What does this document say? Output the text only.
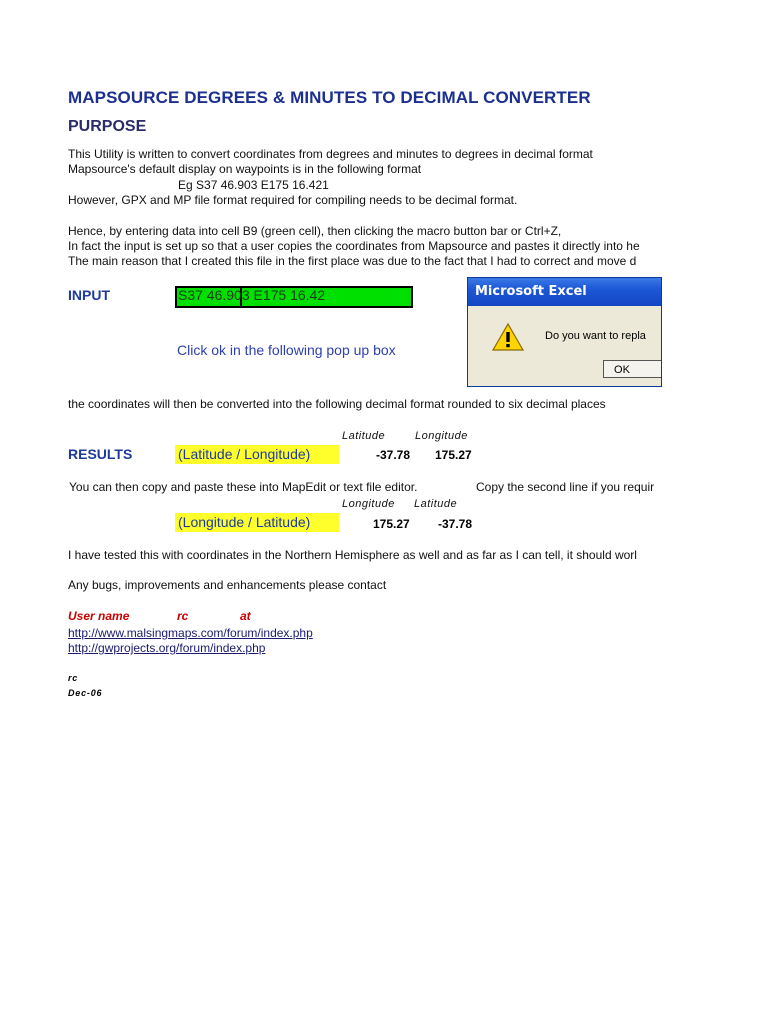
MAPSOURCE DEGREES & MINUTES TO DECIMAL CONVERTER
PURPOSE
This Utility is written to convert coordinates from degrees and minutes to degrees in decimal format
Mapsource's default display on waypoints is in the following format
Eg S37 46.903 E175 16.421
However, GPX and MP file format required for compiling needs to be decimal format.
Hence, by entering data into cell B9 (green cell), then clicking the macro button bar or Ctrl+Z,
In fact the input is set up so that a user copies the coordinates from Mapsource and pastes it directly into he
The main reason that I created this file in the first place was due to the fact that I had to correct and move d
INPUT	S37 46.903 E175 16.42
Click ok in the following pop up box
Microsoft Excel
Do you want to repla
OK
the coordinates will then be converted into the following decimal format rounded to six decimal places
Latitude	Longitude
RESULTS	(Latitude / Longitude)	-37.78 175.27
You can then copy and paste these into MapEdit or text file editor.	Copy the second line if you requir
Longitude Latitude
(Longitude / Latitude)	175.27 -37.78
I have tested this with coordinates in the Northern Hemisphere as well and as far as I can tell, it should worl
Any bugs, improvements and enhancements please contact
User name	rc	at
http://www.malsingmaps.com/forum/index.php
http://gwprojects.org/forum/index.php
rc
Dec-06
